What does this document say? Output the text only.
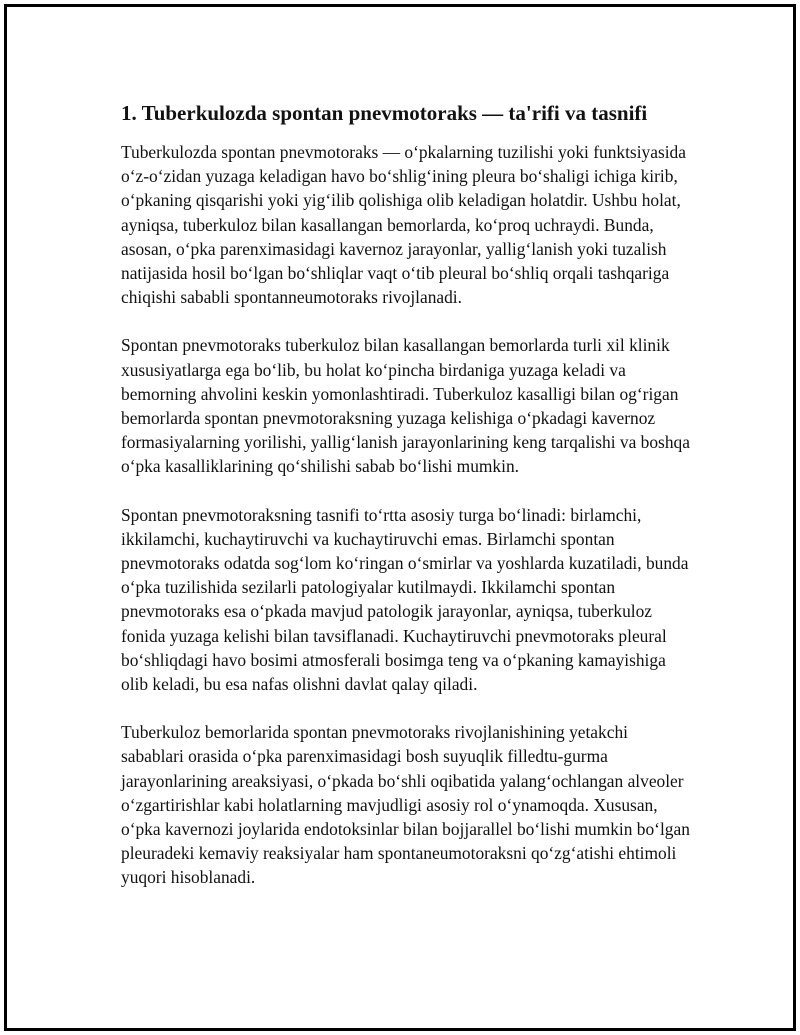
1. Tuberkulozda spontan pnevmotoraks — ta'rifi va tasnifi

Tuberkulozda spontan pnevmotoraks — o‘pkalarning tuzilishi yoki funktsiyasida o‘z-o‘zidan yuzaga keladigan havo bo‘shlig‘ining pleura bo‘shaligi ichiga kirib, o‘pkaning qisqarishi yoki yig‘ilib qolishiga olib keladigan holatdir. Ushbu holat, ayniqsa, tuberkuloz bilan kasallangan bemorlarda, ko‘proq uchraydi. Bunda, asosan, o‘pka parenximasidagi kavernoz jarayonlar, yallig‘lanish yoki tuzalish natijasida hosil bo‘lgan bo‘shliqlar vaqt o‘tib pleural bo‘shliq orqali tashqariga chiqishi sababli spontanneumotoraks rivojlanadi.

Spontan pnevmotoraks tuberkuloz bilan kasallangan bemorlarda turli xil klinik xususiyatlarga ega bo‘lib, bu holat ko‘pincha birdaniga yuzaga keladi va bemorning ahvolini keskin yomonlashtiradi. Tuberkuloz kasalligi bilan og‘rigan bemorlarda spontan pnevmotoraksning yuzaga kelishiga o‘pkadagi kavernoz formasiyalarning yorilishi, yallig‘lanish jarayonlarining keng tarqalishi va boshqa o‘pka kasalliklarining qo‘shilishi sabab bo‘lishi mumkin.

Spontan pnevmotoraksning tasnifi to‘rtta asosiy turga bo‘linadi: birlamchi, ikkilamchi, kuchaytiruvchi va kuchaytiruvchi emas. Birlamchi spontan pnevmotoraks odatda sog‘lom ko‘ringan o‘smirlar va yoshlarda kuzatiladi, bunda o‘pka tuzilishida sezilarli patologiyalar kutilmaydi. Ikkilamchi spontan pnevmotoraks esa o‘pkada mavjud patologik jarayonlar, ayniqsa, tuberkuloz fonida yuzaga kelishi bilan tavsiflanadi. Kuchaytiruvchi pnevmotoraks pleural bo‘shliqdagi havo bosimi atmosferali bosimga teng va o‘pkaning kamayishiga olib keladi, bu esa nafas olishni davlat qalay qiladi.

Tuberkuloz bemorlarida spontan pnevmotoraks rivojlanishining yetakchi sabablari orasida o‘pka parenximasidagi bosh suyuqlik filledtu-gurma jarayonlarining areaksiyasi, o‘pkada bo‘shli oqibatida yalang‘ochlangan alveoler o‘zgartirishlar kabi holatlarning mavjudligi asosiy rol o‘ynamoqda. Xususan, o‘pka kavernozi joylarida endotoksinlar bilan bojjarallel bo‘lishi mumkin bo‘lgan pleuradeki kemaviy reaksiyalar ham spontaneumotoraksni qo‘zg‘atishi ehtimoli yuqori hisoblanadi.
